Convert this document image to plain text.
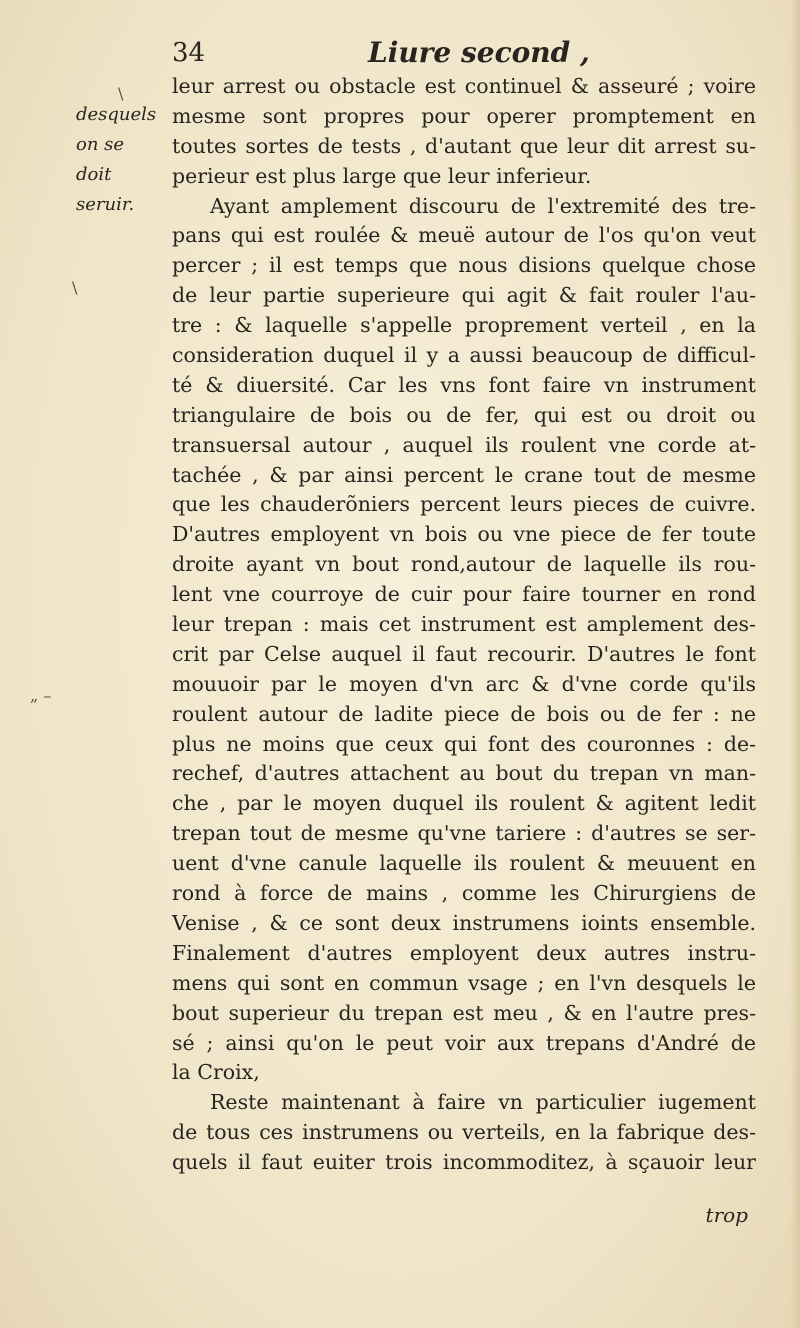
34	Liure second ,
desquels
on se
doit
seruir.
leur arrest ou obstacle est continuel & asseuré ; voire
mesme sont propres pour operer promptement en
toutes sortes de tests , d'autant que leur dit arrest su-
perieur est plus large que leur inferieur.
Ayant amplement discouru de l'extremité des tre-
pans qui est roulée & meuë autour de l'os qu'on veut
percer ; il est temps que nous disions quelque chose
de leur partie superieure qui agit & fait rouler l'au-
tre : & laquelle s'appelle proprement verteil , en la
consideration duquel il y a aussi beaucoup de difficul-
té & diuersité. Car les vns font faire vn instrument
triangulaire de bois ou de fer, qui est ou droit ou
transuersal autour , auquel ils roulent vne corde at-
tachée , & par ainsi percent le crane tout de mesme
que les chauderõniers percent leurs pieces de cuivre.
D'autres employent vn bois ou vne piece de fer toute
droite ayant vn bout rond,autour de laquelle ils rou-
lent vne courroye de cuir pour faire tourner en rond
leur trepan : mais cet instrument est amplement des-
crit par Celse auquel il faut recourir. D'autres le font
mouuoir par le moyen d'vn arc & d'vne corde qu'ils
roulent autour de ladite piece de bois ou de fer : ne
plus ne moins que ceux qui font des couronnes : de-
rechef, d'autres attachent au bout du trepan vn man-
che , par le moyen duquel ils roulent & agitent ledit
trepan tout de mesme qu'vne tariere : d'autres se ser-
uent d'vne canule laquelle ils roulent & meuuent en
rond à force de mains , comme les Chirurgiens de
Venise , & ce sont deux instrumens ioints ensemble.
Finalement d'autres employent deux autres instru-
mens qui sont en commun vsage ; en l'vn desquels le
bout superieur du trepan est meu , & en l'autre pres-
sé ; ainsi qu'on le peut voir aux trepans d'André de
la Croix,
Reste maintenant à faire vn particulier iugement
de tous ces instrumens ou verteils, en la fabrique des-
quels il faut euiter trois incommoditez, à sçauoir leur
trop
\
\
„ –
